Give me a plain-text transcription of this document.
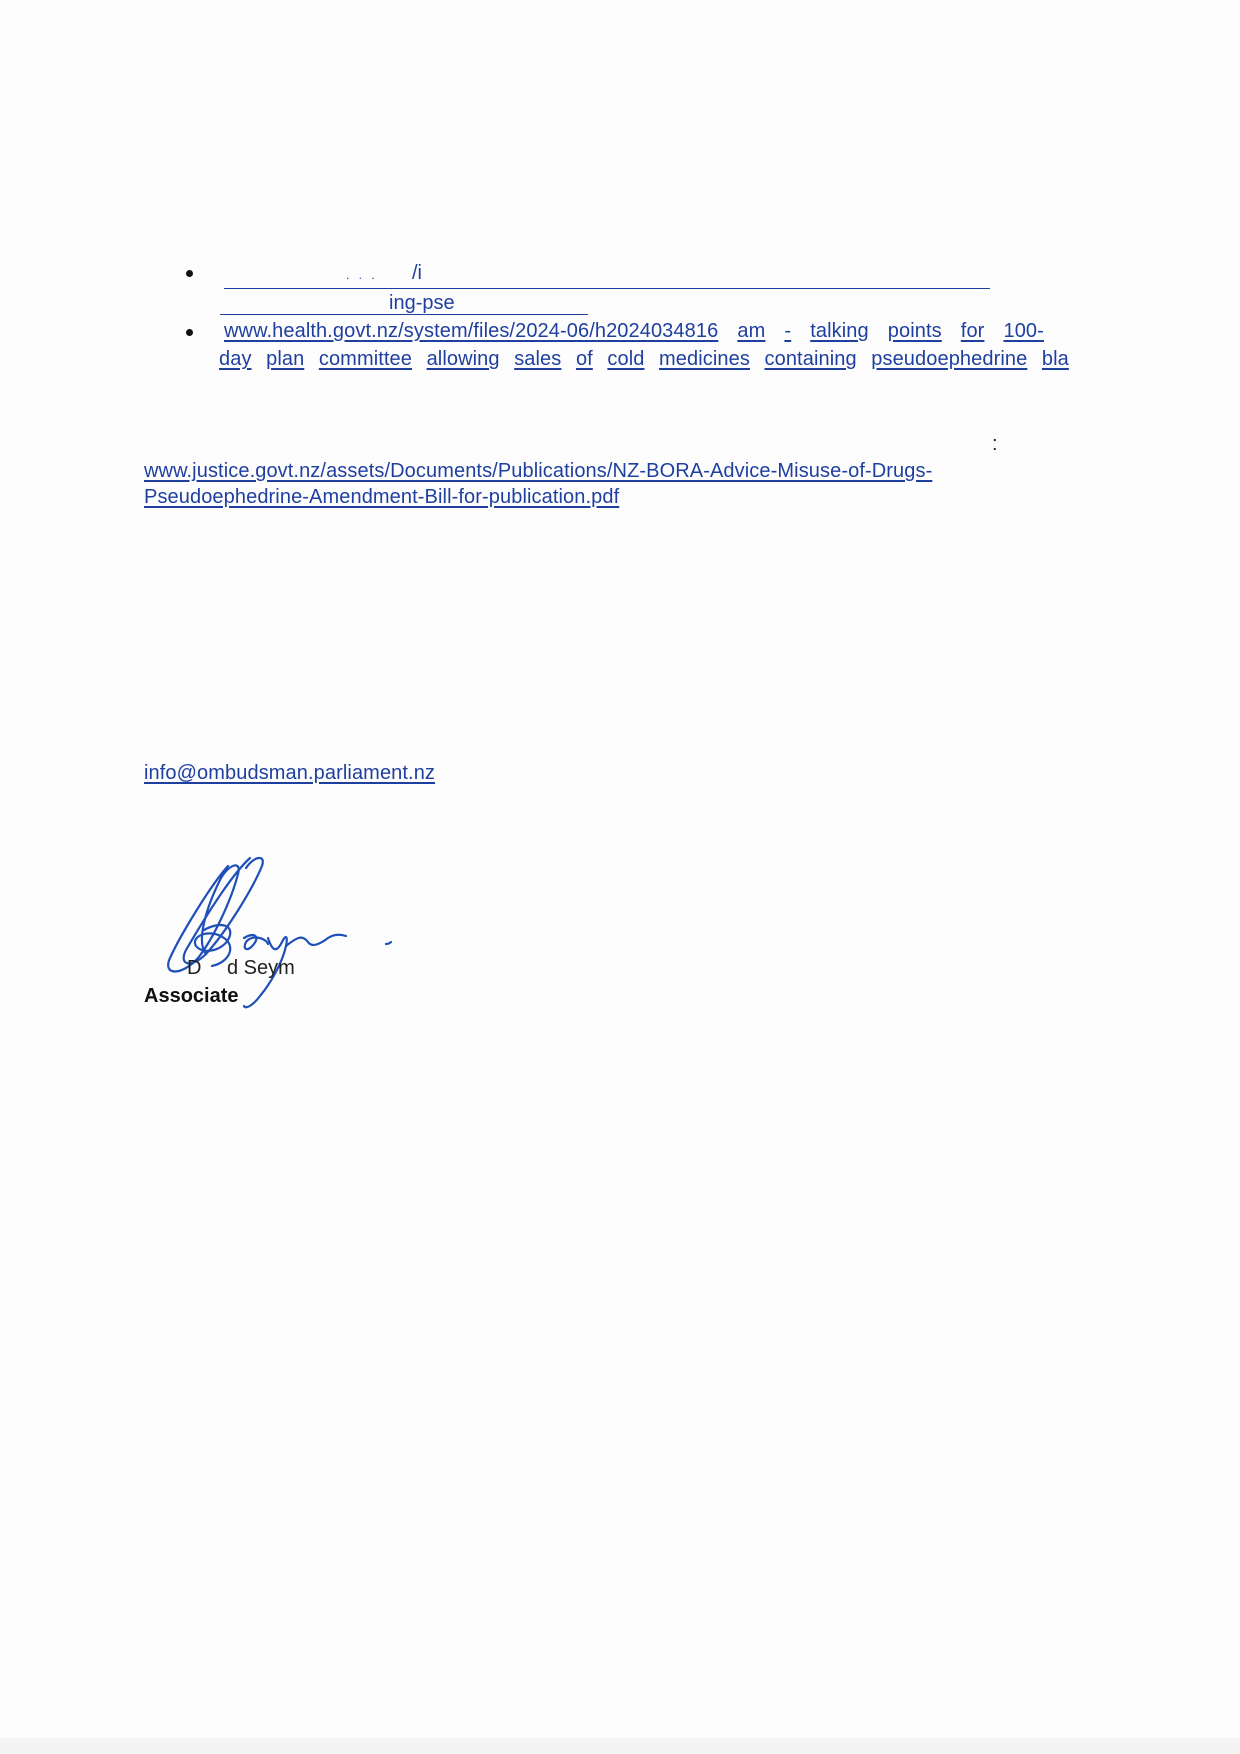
/i
. . .
ing-pse
www.health.govt.nz/system/files/2024-06/h2024034816 am - talking points for 100-
day plan committee allowing sales of cold medicines containing pseudoephedrine bla
:
www.justice.govt.nz/assets/Documents/Publications/NZ-BORA-Advice-Misuse-of-Drugs-
Pseudoephedrine-Amendment-Bill-for-publication.pdf
info@ombudsman.parliament.nz
D d Seym
Associate
